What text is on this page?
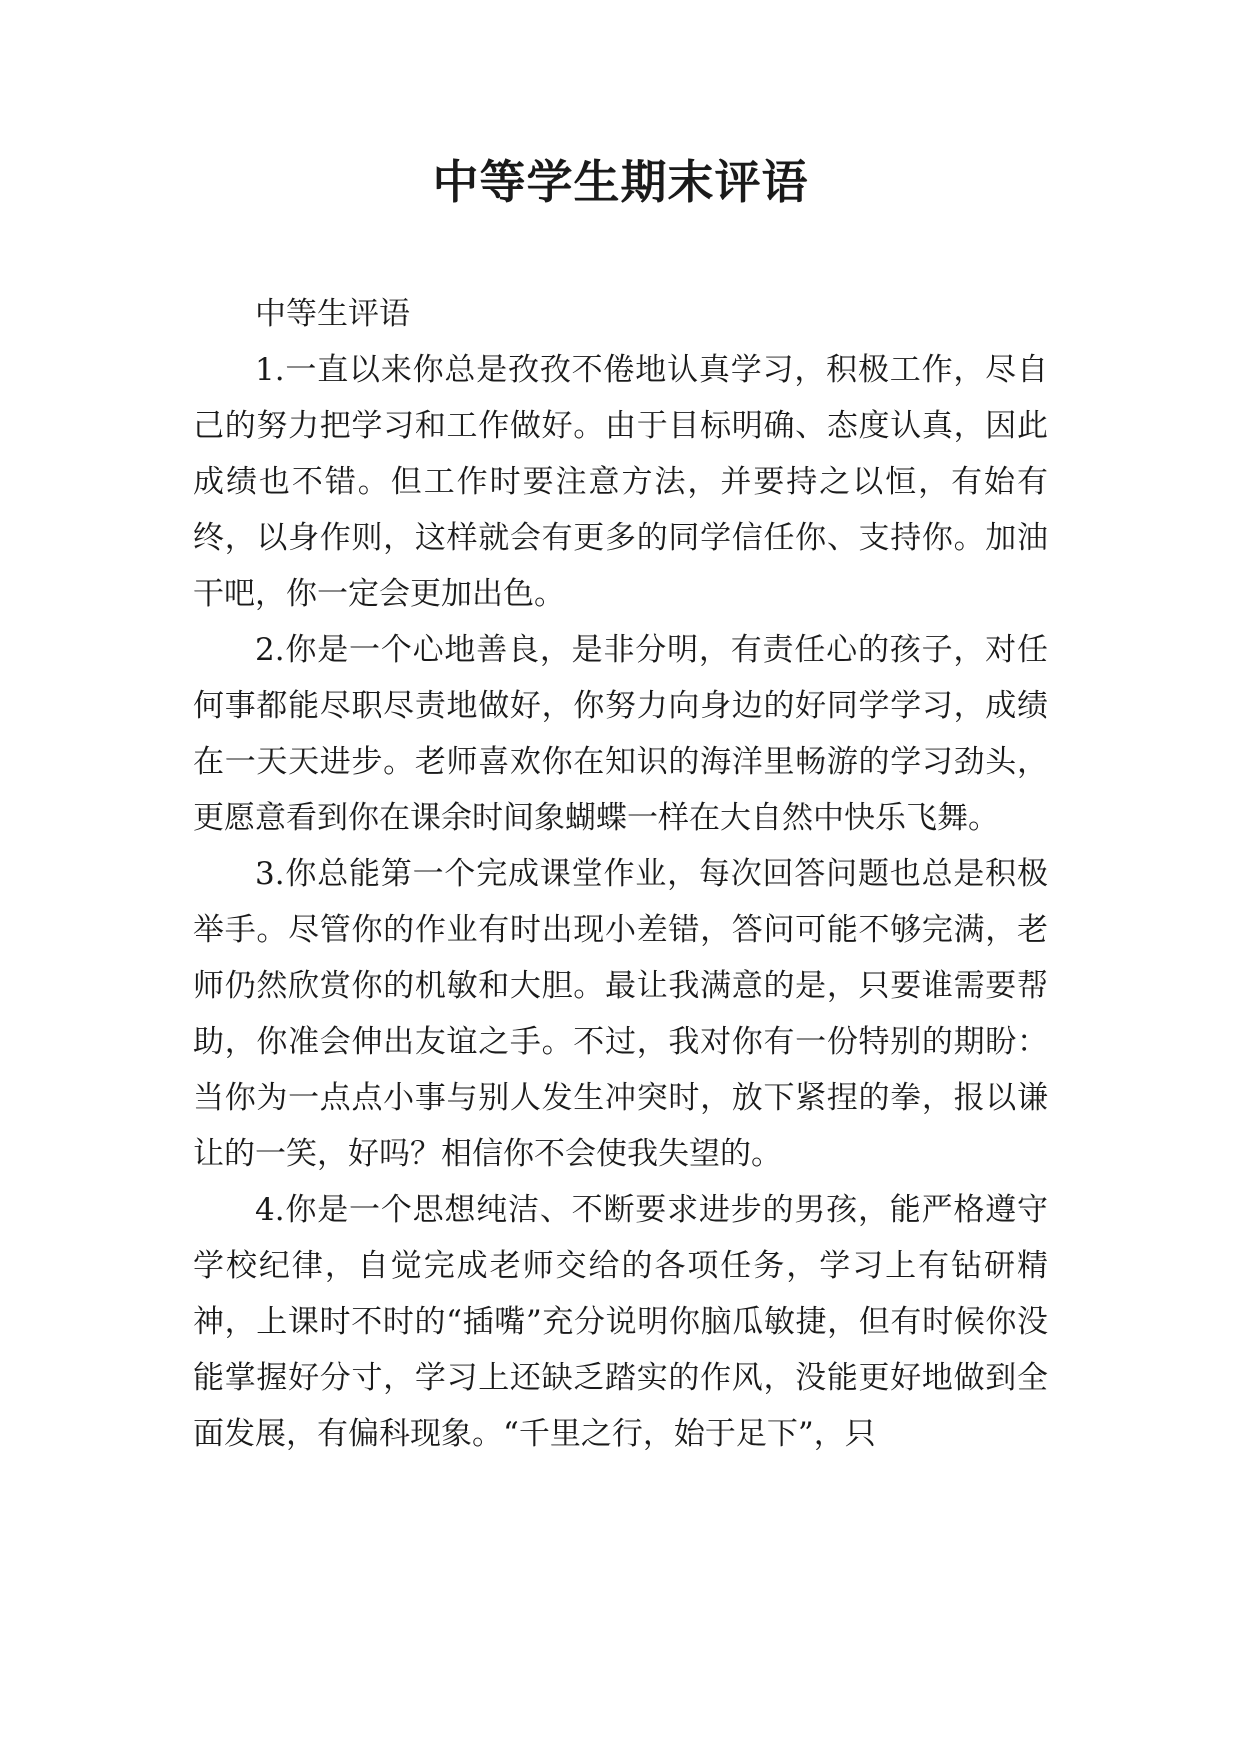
中等学生期末评语

中等生评语

1.一直以来你总是孜孜不倦地认真学习，积极工作，尽自己的努力把学习和工作做好。由于目标明确、态度认真，因此成绩也不错。但工作时要注意方法，并要持之以恒，有始有终，以身作则，这样就会有更多的同学信任你、支持你。加油干吧，你一定会更加出色。

2.你是一个心地善良，是非分明，有责任心的孩子，对任何事都能尽职尽责地做好，你努力向身边的好同学学习，成绩在一天天进步。老师喜欢你在知识的海洋里畅游的学习劲头，更愿意看到你在课余时间象蝴蝶一样在大自然中快乐飞舞。

3.你总能第一个完成课堂作业，每次回答问题也总是积极举手。尽管你的作业有时出现小差错，答问可能不够完满，老师仍然欣赏你的机敏和大胆。最让我满意的是，只要谁需要帮助，你准会伸出友谊之手。不过，我对你有一份特别的期盼：当你为一点点小事与别人发生冲突时，放下紧捏的拳，报以谦让的一笑，好吗？相信你不会使我失望的。

4.你是一个思想纯洁、不断要求进步的男孩，能严格遵守学校纪律，自觉完成老师交给的各项任务，学习上有钻研精神，上课时不时的“插嘴”充分说明你脑瓜敏捷，但有时候你没能掌握好分寸，学习上还缺乏踏实的作风，没能更好地做到全面发展，有偏科现象。“千里之行，始于足下”，只
